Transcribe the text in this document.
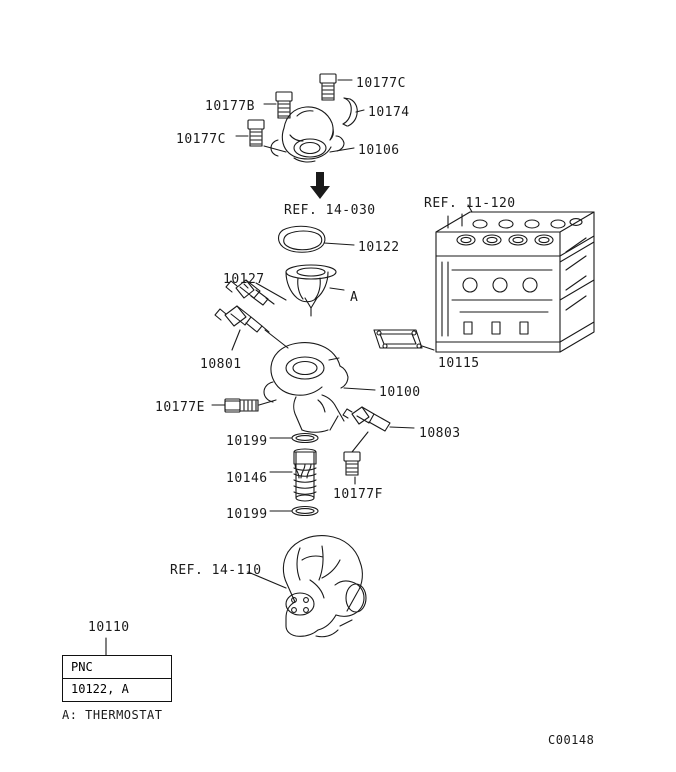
10177C
10177B	10174
10177C
10106
10122
10127
A
10801	10115
10100
10177E
10803
10199
10146
10177F
10199
REF. 14-030	REF. 11-120
REF. 14-110
10110
PNC
10122, A
A: THERMOSTAT
C00148
